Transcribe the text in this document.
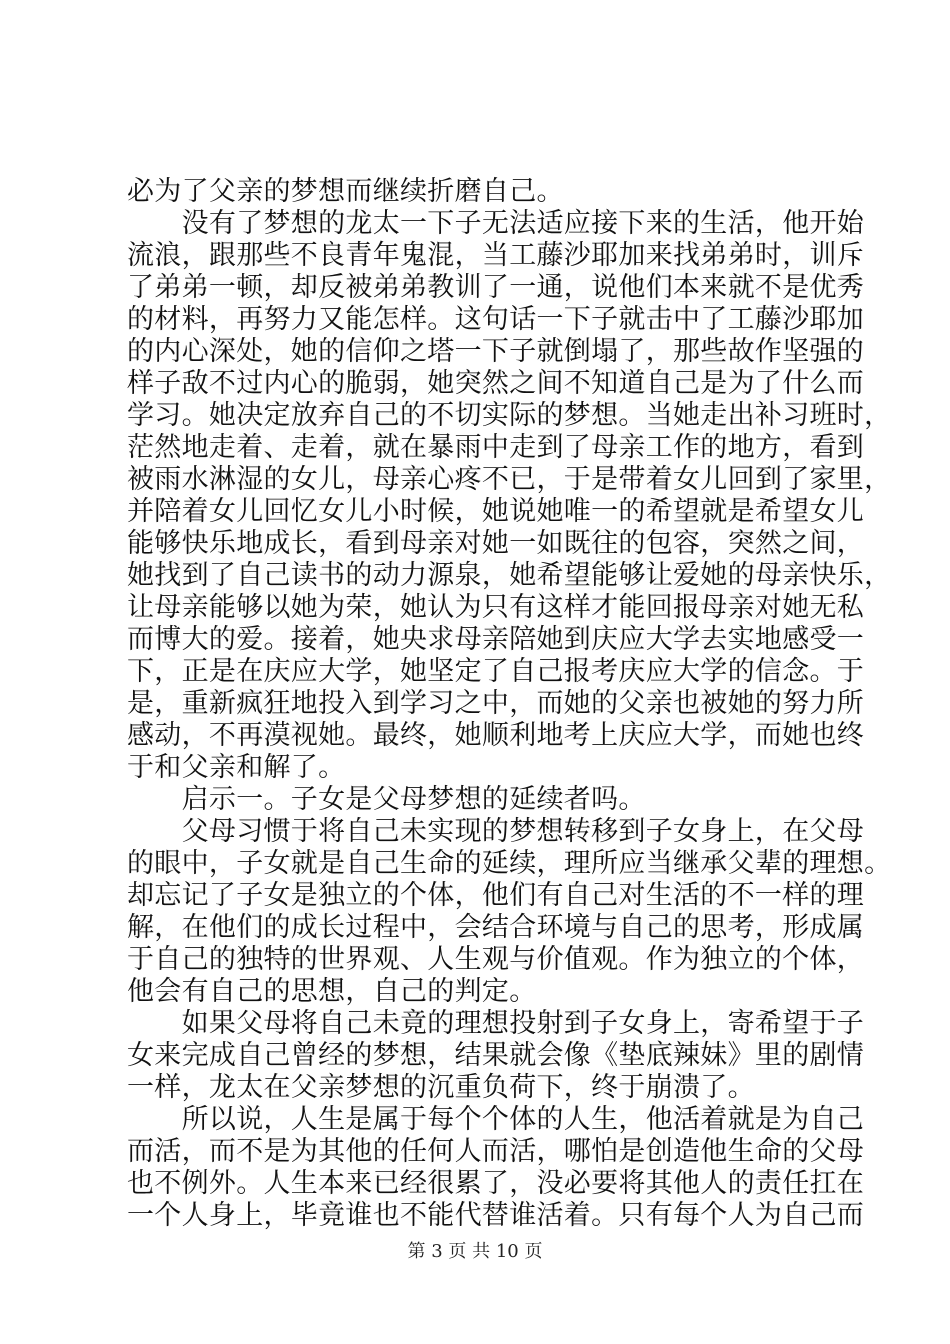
必为了父亲的梦想而继续折磨自己。
　　没有了梦想的龙太一下子无法适应接下来的生活，他开始
流浪，跟那些不良青年鬼混，当工藤沙耶加来找弟弟时，训斥
了弟弟一顿，却反被弟弟教训了一通，说他们本来就不是优秀
的材料，再努力又能怎样。这句话一下子就击中了工藤沙耶加
的内心深处，她的信仰之塔一下子就倒塌了，那些故作坚强的
样子敌不过内心的脆弱，她突然之间不知道自己是为了什么而
学习。她决定放弃自己的不切实际的梦想。当她走出补习班时，
茫然地走着、走着，就在暴雨中走到了母亲工作的地方，看到
被雨水淋湿的女儿，母亲心疼不已，于是带着女儿回到了家里，
并陪着女儿回忆女儿小时候，她说她唯一的希望就是希望女儿
能够快乐地成长，看到母亲对她一如既往的包容，突然之间，
她找到了自己读书的动力源泉，她希望能够让爱她的母亲快乐，
让母亲能够以她为荣，她认为只有这样才能回报母亲对她无私
而博大的爱。接着，她央求母亲陪她到庆应大学去实地感受一
下，正是在庆应大学，她坚定了自己报考庆应大学的信念。于
是，重新疯狂地投入到学习之中，而她的父亲也被她的努力所
感动，不再漠视她。最终，她顺利地考上庆应大学，而她也终
于和父亲和解了。
　　启示一。子女是父母梦想的延续者吗。
　　父母习惯于将自己未实现的梦想转移到子女身上，在父母
的眼中，子女就是自己生命的延续，理所应当继承父辈的理想。
却忘记了子女是独立的个体，他们有自己对生活的不一样的理
解，在他们的成长过程中，会结合环境与自己的思考，形成属
于自己的独特的世界观、人生观与价值观。作为独立的个体，
他会有自己的思想，自己的判定。
　　如果父母将自己未竟的理想投射到子女身上，寄希望于子
女来完成自己曾经的梦想，结果就会像《垫底辣妹》里的剧情
一样，龙太在父亲梦想的沉重负荷下，终于崩溃了。
　　所以说，人生是属于每个个体的人生，他活着就是为自己
而活，而不是为其他的任何人而活，哪怕是创造他生命的父母
也不例外。人生本来已经很累了，没必要将其他人的责任扛在
一个人身上，毕竟谁也不能代替谁活着。只有每个人为自己而
第 3 页 共 10 页
